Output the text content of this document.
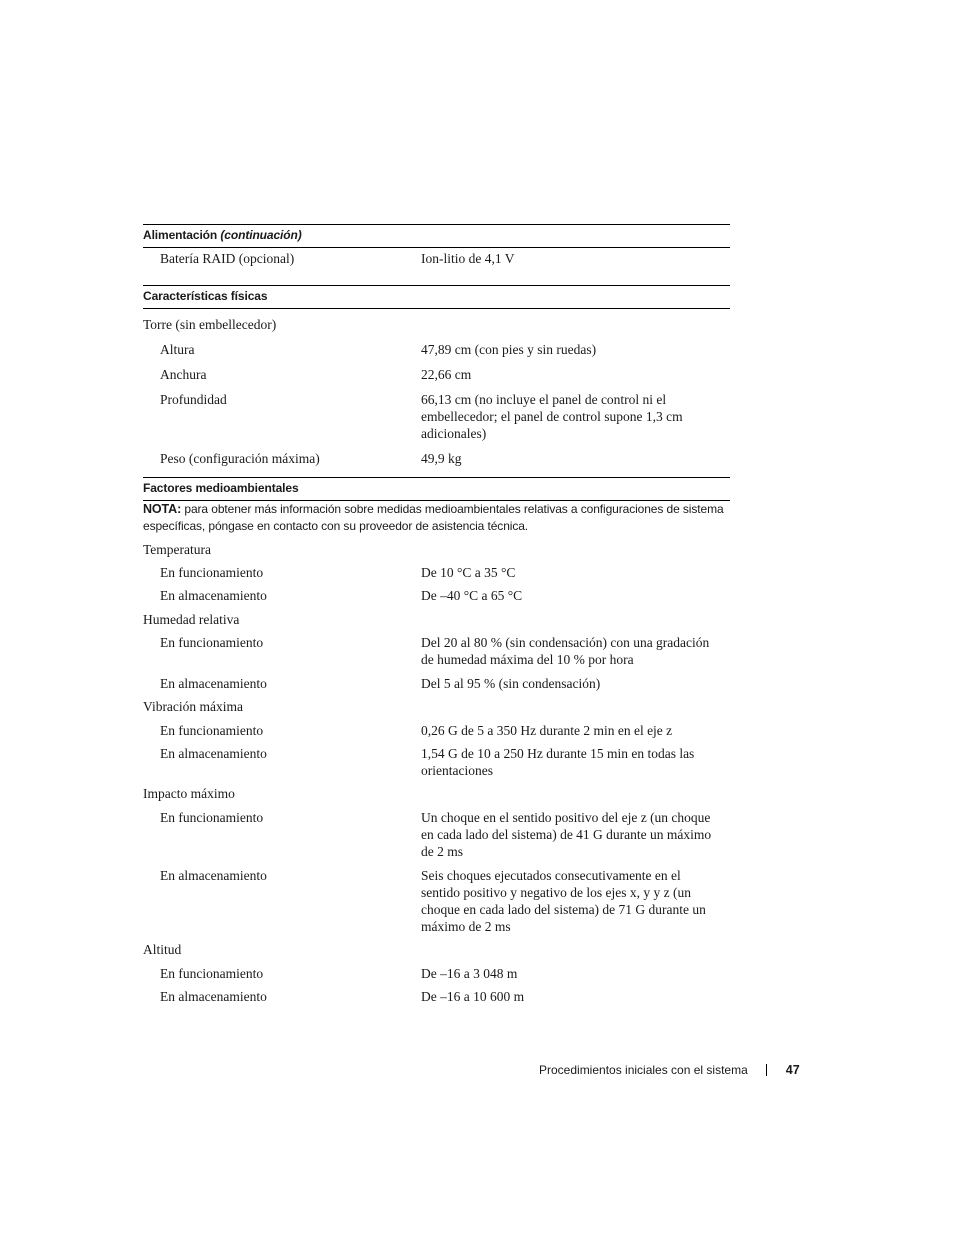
Alimentación (continuación)
Batería RAID (opcional)	Ion-litio de 4,1 V
Características físicas
Torre (sin embellecedor)
Altura	47,89 cm (con pies y sin ruedas)
Anchura	22,66 cm
Profundidad	66,13 cm (no incluye el panel de control ni el embellecedor; el panel de control supone 1,3 cm adicionales)
Peso (configuración máxima)	49,9 kg
Factores medioambientales
NOTA: para obtener más información sobre medidas medioambientales relativas a configuraciones de sistema específicas, póngase en contacto con su proveedor de asistencia técnica.
Temperatura
En funcionamiento	De 10 °C a 35 °C
En almacenamiento	De –40 °C a 65 °C
Humedad relativa
En funcionamiento	Del 20 al 80 % (sin condensación) con una gradación de humedad máxima del 10 % por hora
En almacenamiento	Del 5 al 95 % (sin condensación)
Vibración máxima
En funcionamiento	0,26 G de 5 a 350 Hz durante 2 min en el eje z
En almacenamiento	1,54 G de 10 a 250 Hz durante 15 min en todas las orientaciones
Impacto máximo
En funcionamiento	Un choque en el sentido positivo del eje z (un choque en cada lado del sistema) de 41 G durante un máximo de 2 ms
En almacenamiento	Seis choques ejecutados consecutivamente en el sentido positivo y negativo de los ejes x, y y z (un choque en cada lado del sistema) de 71 G durante un máximo de 2 ms
Altitud
En funcionamiento	De –16 a 3 048 m
En almacenamiento	De –16 a 10 600 m
Procedimientos iniciales con el sistema	47
